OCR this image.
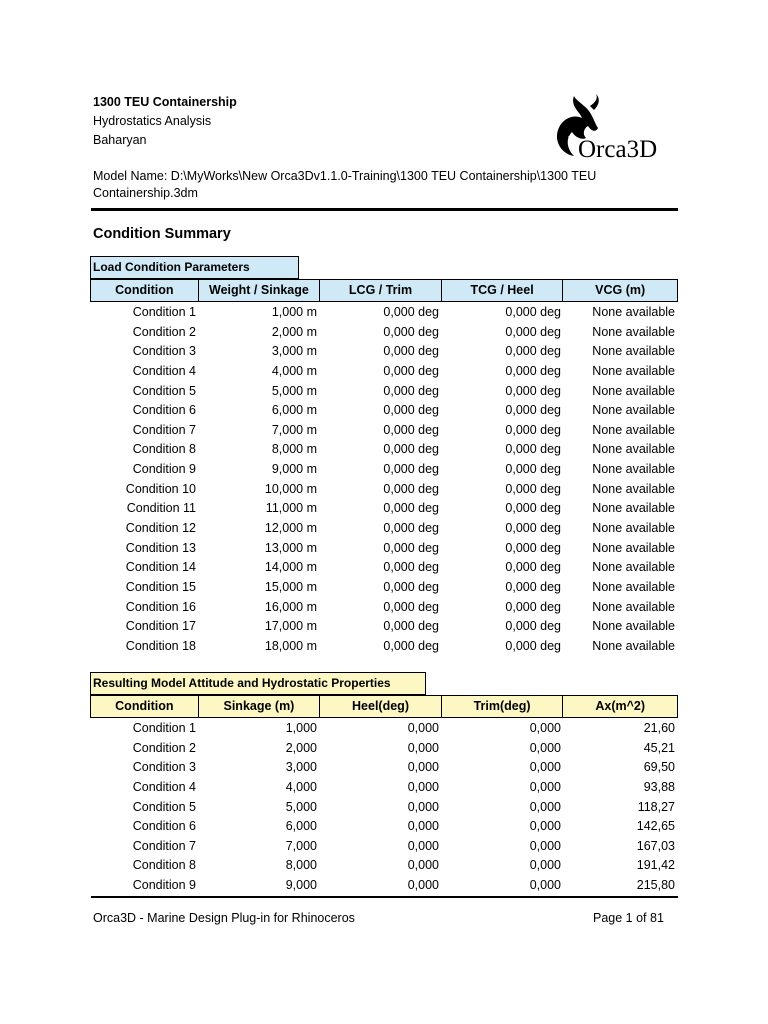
1300 TEU Containership
Hydrostatics Analysis
Baharyan	Orca3D
Model Name: D:\MyWorks\New Orca3Dv1.1.0-Training\1300 TEU Containership\1300 TEU Containership.3dm
Condition Summary
Load Condition Parameters
Condition	Weight / Sinkage	LCG / Trim	TCG / Heel	VCG (m)
Condition 1	1,000 m	0,000 deg	0,000 deg	None available
Condition 2	2,000 m	0,000 deg	0,000 deg	None available
Condition 3	3,000 m	0,000 deg	0,000 deg	None available
Condition 4	4,000 m	0,000 deg	0,000 deg	None available
Condition 5	5,000 m	0,000 deg	0,000 deg	None available
Condition 6	6,000 m	0,000 deg	0,000 deg	None available
Condition 7	7,000 m	0,000 deg	0,000 deg	None available
Condition 8	8,000 m	0,000 deg	0,000 deg	None available
Condition 9	9,000 m	0,000 deg	0,000 deg	None available
Condition 10	10,000 m	0,000 deg	0,000 deg	None available
Condition 11	11,000 m	0,000 deg	0,000 deg	None available
Condition 12	12,000 m	0,000 deg	0,000 deg	None available
Condition 13	13,000 m	0,000 deg	0,000 deg	None available
Condition 14	14,000 m	0,000 deg	0,000 deg	None available
Condition 15	15,000 m	0,000 deg	0,000 deg	None available
Condition 16	16,000 m	0,000 deg	0,000 deg	None available
Condition 17	17,000 m	0,000 deg	0,000 deg	None available
Condition 18	18,000 m	0,000 deg	0,000 deg	None available
Resulting Model Attitude and Hydrostatic Properties
Condition	Sinkage (m)	Heel(deg)	Trim(deg)	Ax(m^2)
Condition 1	1,000	0,000	0,000	21,60
Condition 2	2,000	0,000	0,000	45,21
Condition 3	3,000	0,000	0,000	69,50
Condition 4	4,000	0,000	0,000	93,88
Condition 5	5,000	0,000	0,000	118,27
Condition 6	6,000	0,000	0,000	142,65
Condition 7	7,000	0,000	0,000	167,03
Condition 8	8,000	0,000	0,000	191,42
Condition 9	9,000	0,000	0,000	215,80
Orca3D - Marine Design Plug-in for Rhinoceros	Page 1 of 81
